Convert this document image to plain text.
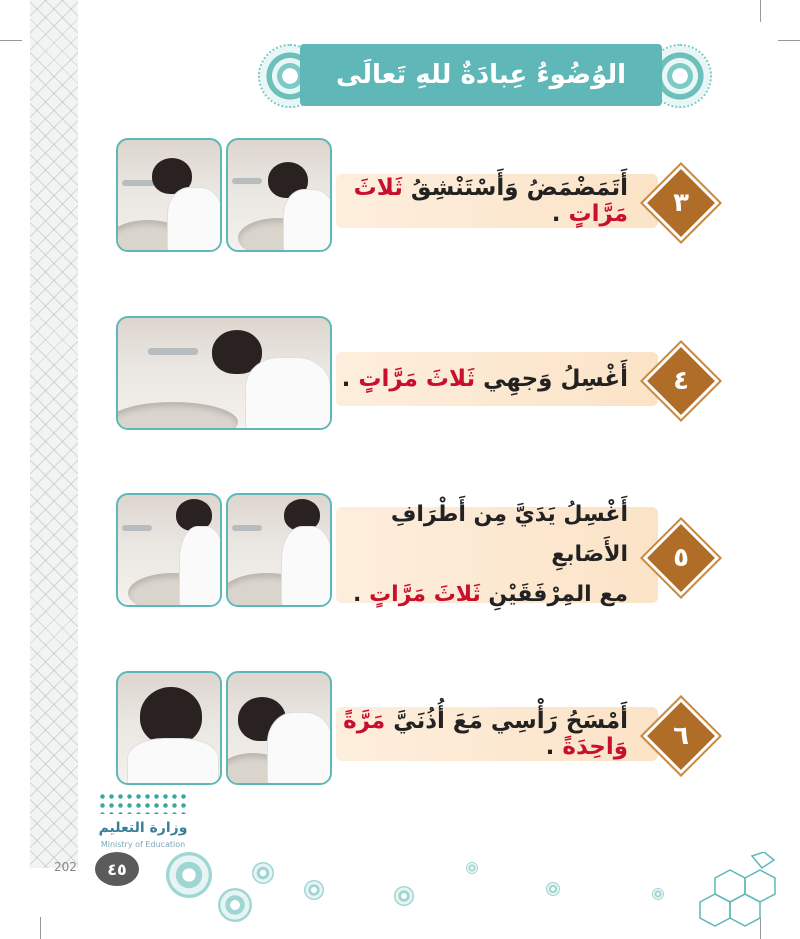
الوُضُوءُ عِبادَةٌ للهِ تَعالَى
أَتَمَضْمَضُ وَأَسْتَنْشِقُ ثَلاثَ مَرَّاتٍ .	٣
أَغْسِلُ وَجهِي ثَلاثَ مَرَّاتٍ .	٤
أَغْسِلُ يَدَيَّ مِن أَطْرَافِ الأَصَابعِ
مع المِرْفَقَيْنِ ثَلاثَ مَرَّاتٍ .
٥
أَمْسَحُ رَأْسِي مَعَ أُذُنَيَّ مَرَّةً وَاحِدَةً .	٦
وزارة التعليم
Ministry of Education
202	٤٥
